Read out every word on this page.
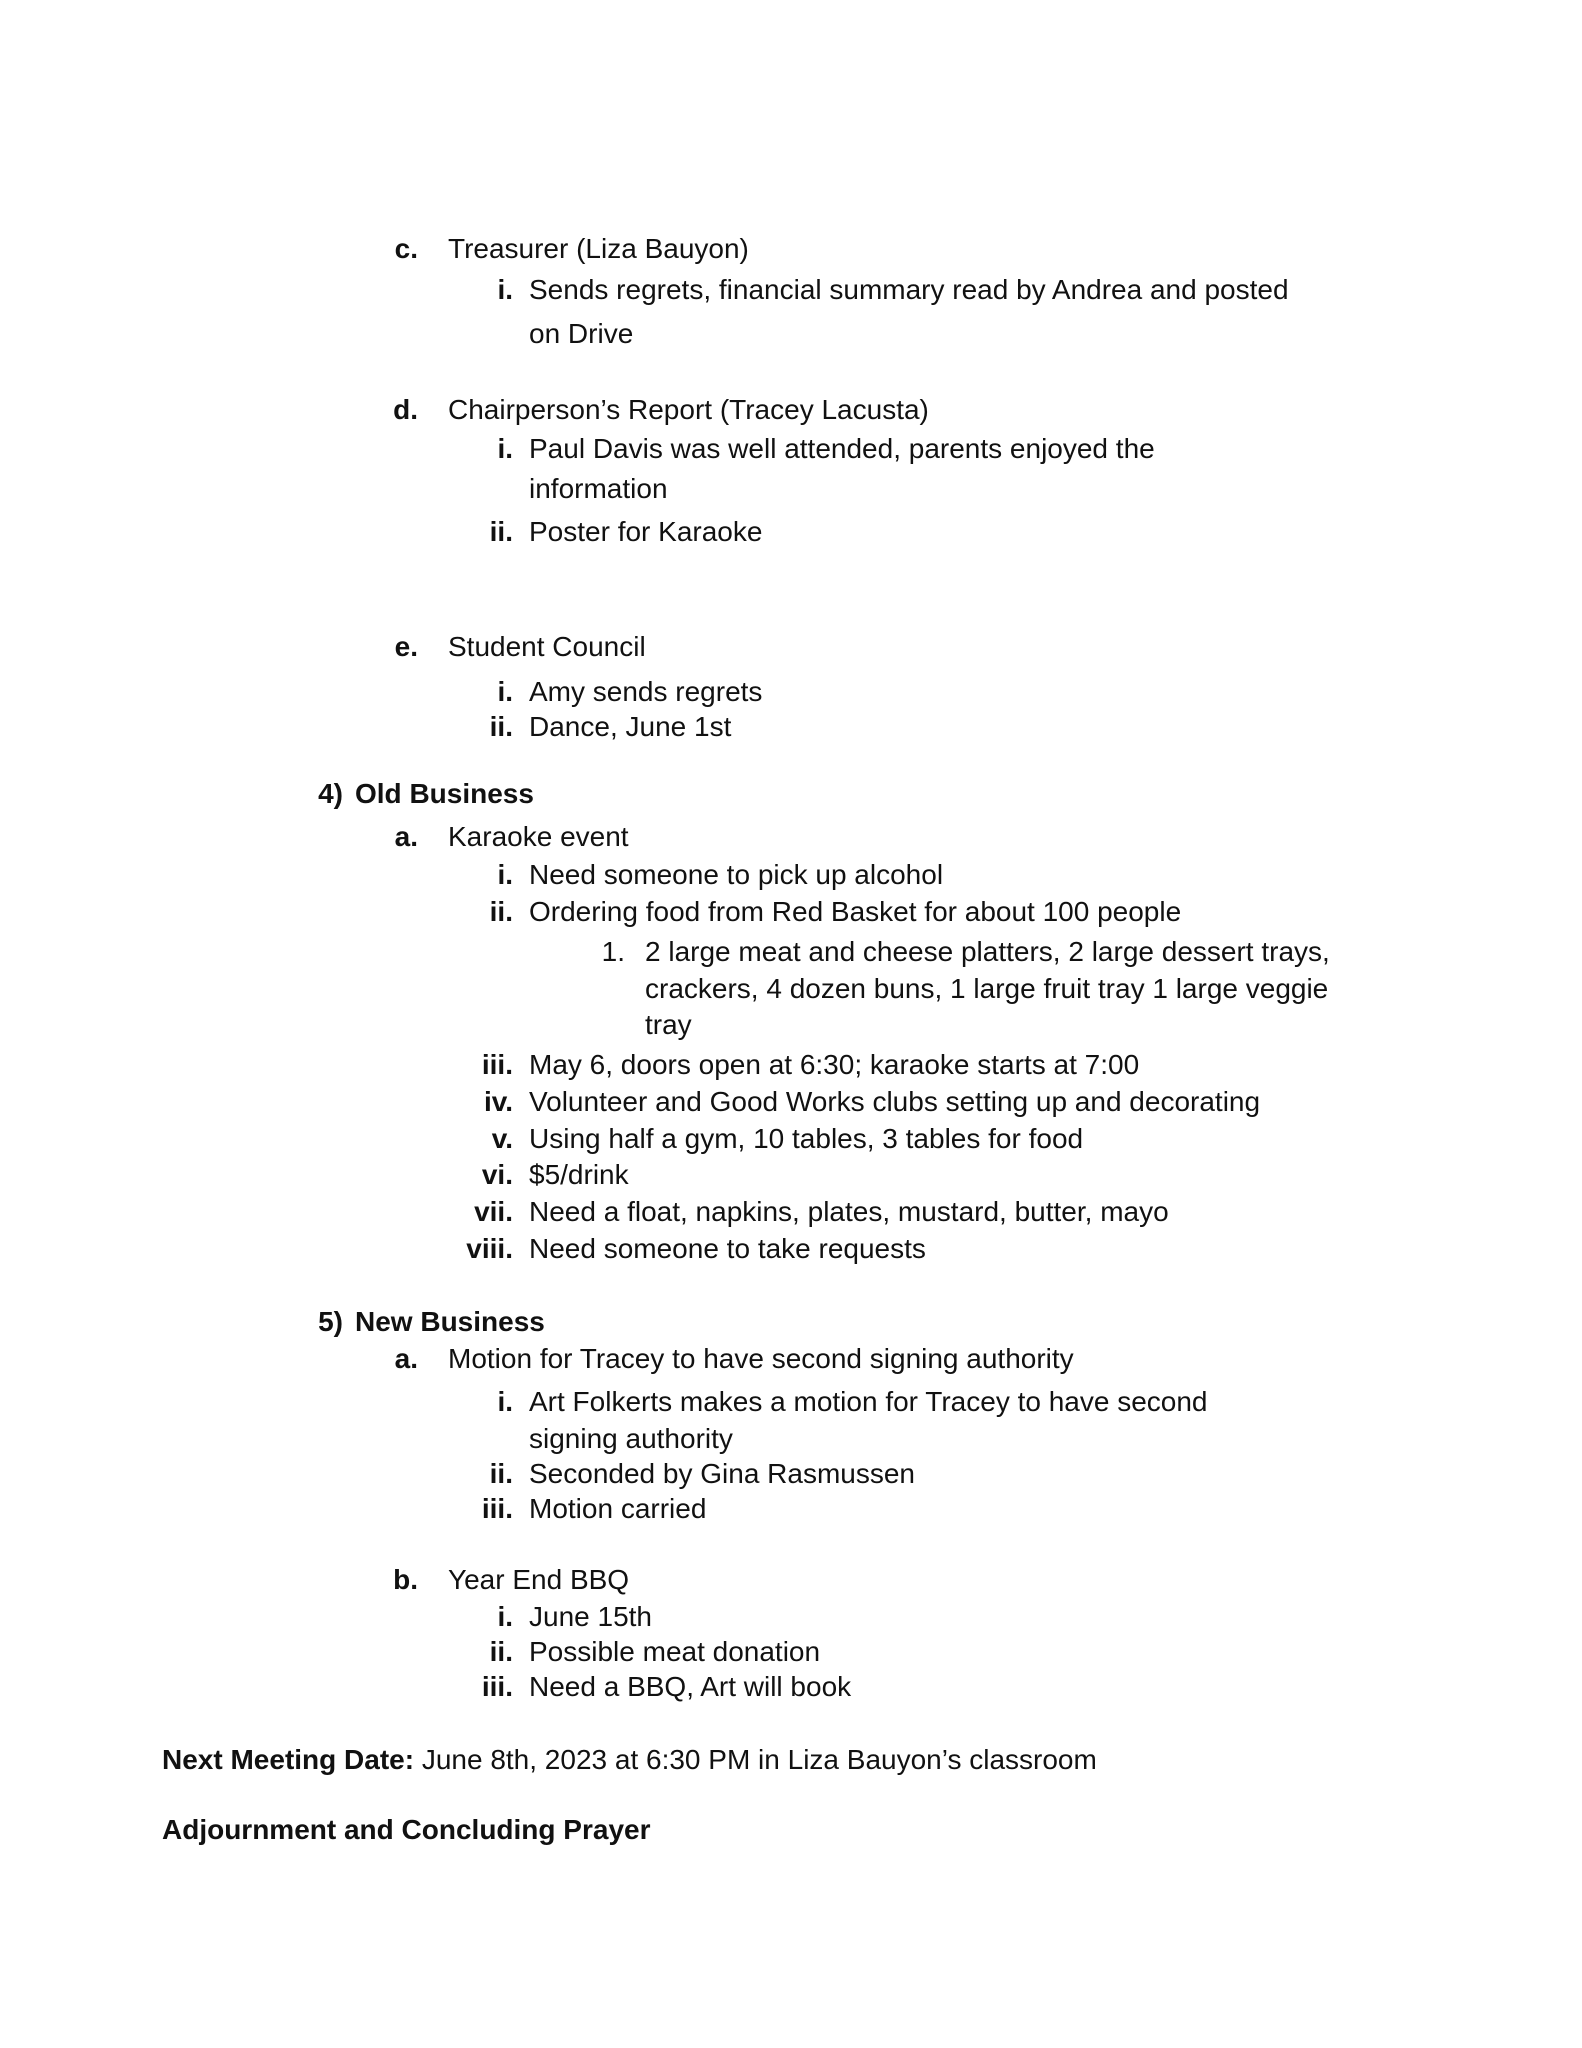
c.	Treasurer (Liza Bauyon)
i. Sends regrets, financial summary read by Andrea and posted
on Drive
d.	Chairperson’s Report (Tracey Lacusta)
i. Paul Davis was well attended, parents enjoyed the
information
ii. Poster for Karaoke
e.	Student Council
i. Amy sends regrets
ii. Dance, June 1st
4) Old Business
a.	Karaoke event
i. Need someone to pick up alcohol
ii. Ordering food from Red Basket for about 100 people
1. 2 large meat and cheese platters, 2 large dessert trays,
crackers, 4 dozen buns, 1 large fruit tray 1 large veggie
tray
iii. May 6, doors open at 6:30; karaoke starts at 7:00
iv. Volunteer and Good Works clubs setting up and decorating
v. Using half a gym, 10 tables, 3 tables for food
vi. $5/drink
vii. Need a float, napkins, plates, mustard, butter, mayo
viii. Need someone to take requests
5) New Business
a.	Motion for Tracey to have second signing authority
i. Art Folkerts makes a motion for Tracey to have second
signing authority
ii. Seconded by Gina Rasmussen
iii. Motion carried
b.	Year End BBQ
i. June 15th
ii. Possible meat donation
iii. Need a BBQ, Art will book
Next Meeting Date: June 8th, 2023 at 6:30 PM in Liza Bauyon’s classroom
Adjournment and Concluding Prayer
